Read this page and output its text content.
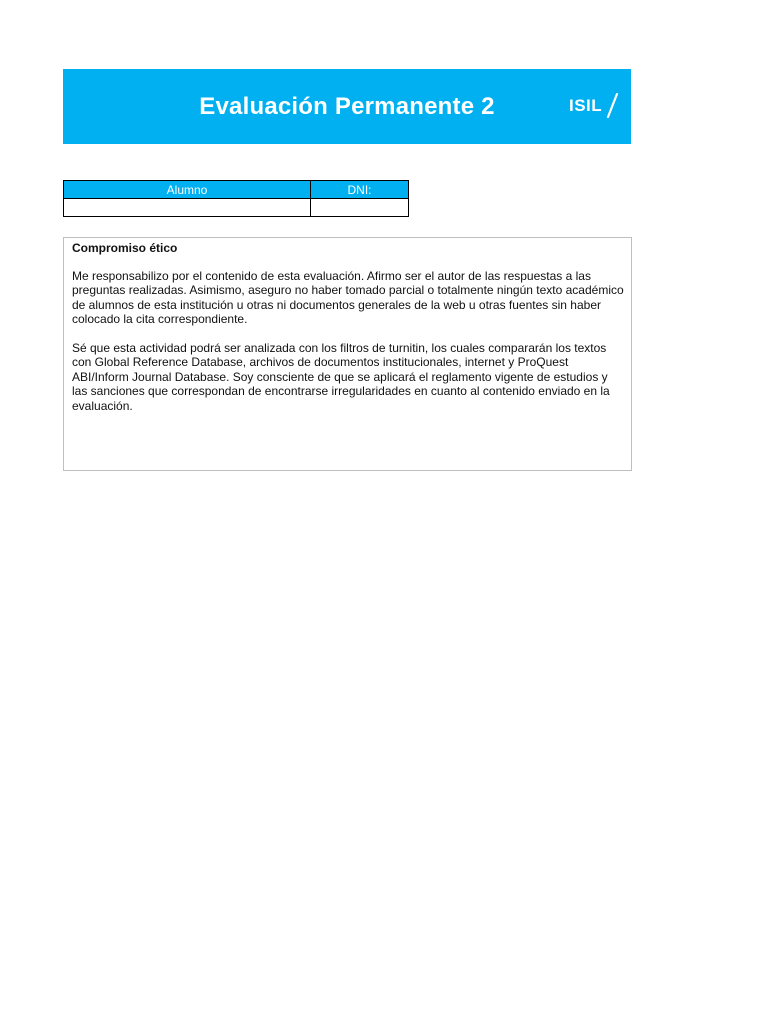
Evaluación Permanente 2	ISIL
Alumno	DNI:

Compromiso ético

Me responsabilizo por el contenido de esta evaluación. Afirmo ser el autor de las respuestas a las preguntas realizadas. Asimismo, aseguro no haber tomado parcial o totalmente ningún texto académico de alumnos de esta institución u otras ni documentos generales de la web u otras fuentes sin haber colocado la cita correspondiente.

Sé que esta actividad podrá ser analizada con los filtros de turnitin, los cuales compararán los textos con Global Reference Database, archivos de documentos institucionales, internet y ProQuest ABI/Inform Journal Database. Soy consciente de que se aplicará el reglamento vigente de estudios y las sanciones que correspondan de encontrarse irregularidades en cuanto al contenido enviado en la evaluación.
